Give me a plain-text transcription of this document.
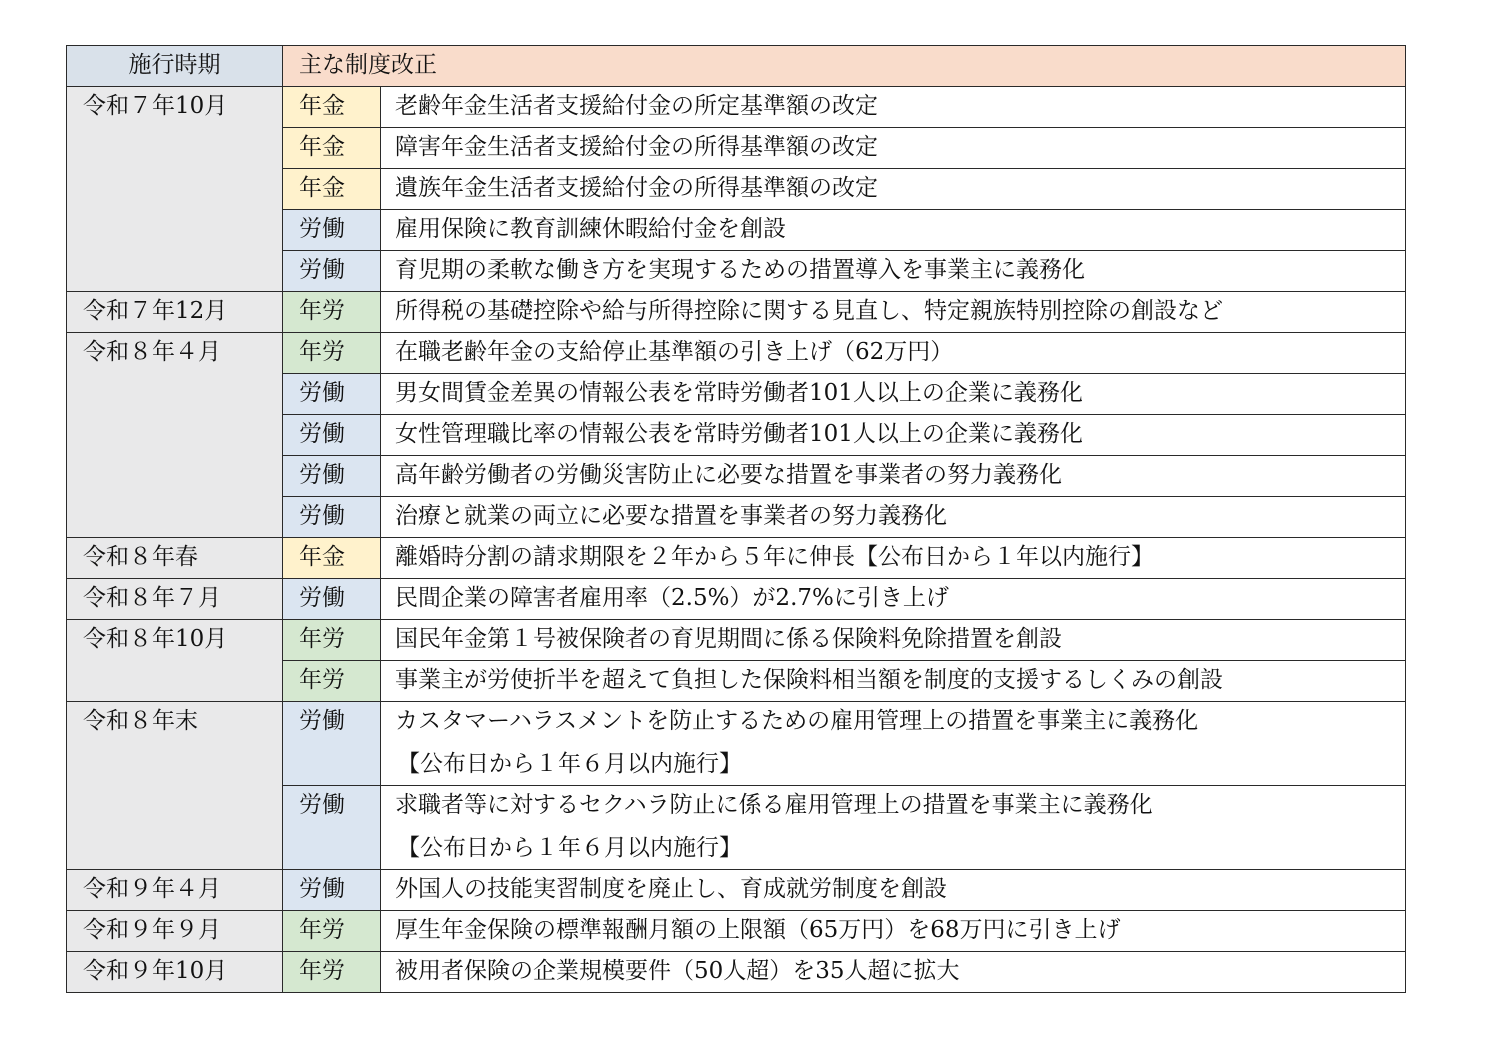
施行時期	主な制度改正	
令和７年10月	年金	老齢年金生活者支援給付金の所定基準額の改定
	年金	障害年金生活者支援給付金の所得基準額の改定
	年金	遺族年金生活者支援給付金の所得基準額の改定
	労働	雇用保険に教育訓練休暇給付金を創設
	労働	育児期の柔軟な働き方を実現するための措置導入を事業主に義務化
令和７年12月	年労	所得税の基礎控除や給与所得控除に関する見直し、特定親族特別控除の創設など
令和８年４月	年労	在職老齢年金の支給停止基準額の引き上げ（62万円）
	労働	男女間賃金差異の情報公表を常時労働者101人以上の企業に義務化
	労働	女性管理職比率の情報公表を常時労働者101人以上の企業に義務化
	労働	高年齢労働者の労働災害防止に必要な措置を事業者の努力義務化
	労働	治療と就業の両立に必要な措置を事業者の努力義務化
令和８年春	年金	離婚時分割の請求期限を２年から５年に伸長【公布日から１年以内施行】
令和８年７月	労働	民間企業の障害者雇用率（2.5%）が2.7%に引き上げ
令和８年10月	年労	国民年金第１号被保険者の育児期間に係る保険料免除措置を創設
	年労	事業主が労使折半を超えて負担した保険料相当額を制度的支援するしくみの創設
令和８年末	労働	カスタマーハラスメントを防止するための雇用管理上の措置を事業主に義務化
【公布日から１年６月以内施行】

	労働	求職者等に対するセクハラ防止に係る雇用管理上の措置を事業主に義務化
【公布日から１年６月以内施行】

令和９年４月	労働	外国人の技能実習制度を廃止し、育成就労制度を創設
令和９年９月	年労	厚生年金保険の標準報酬月額の上限額（65万円）を68万円に引き上げ
令和９年10月	年労	被用者保険の企業規模要件（50人超）を35人超に拡大
